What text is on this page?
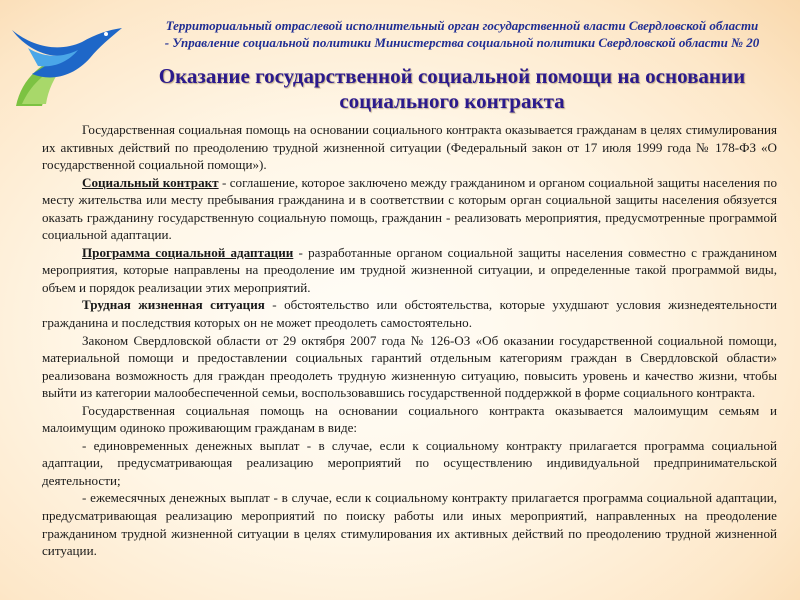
Территориальный отраслевой исполнительный орган государственной власти Свердловской области
- Управление социальной политики Министерства социальной политики Свердловской области № 20
Оказание государственной социальной помощи на основании социального контракта

Государственная социальная помощь на основании социального контракта оказывается гражданам в целях стимулирования их активных действий по преодолению трудной жизненной ситуации (Федеральный закон от 17 июля 1999 года № 178-ФЗ «О государственной социальной помощи»).

Социальный контракт - соглашение, которое заключено между гражданином и органом социальной защиты населения по месту жительства или месту пребывания гражданина и в соответствии с которым орган социальной защиты населения обязуется оказать гражданину государственную социальную помощь, гражданин - реализовать мероприятия, предусмотренные программой социальной адаптации.

Программа социальной адаптации - разработанные органом социальной защиты населения совместно с гражданином мероприятия, которые направлены на преодоление им трудной жизненной ситуации, и определенные такой программой виды, объем и порядок реализации этих мероприятий.

Трудная жизненная ситуация - обстоятельство или обстоятельства, которые ухудшают условия жизнедеятельности гражданина и последствия которых он не может преодолеть самостоятельно.

Законом Свердловской области от 29 октября 2007 года № 126-ОЗ «Об оказании государственной социальной помощи, материальной помощи и предоставлении социальных гарантий отдельным категориям граждан в Свердловской области» реализована возможность для граждан преодолеть трудную жизненную ситуацию, повысить уровень и качество жизни, чтобы выйти из категории малообеспеченной семьи, воспользовавшись государственной поддержкой в форме социального контракта.

Государственная социальная помощь на основании социального контракта оказывается малоимущим семьям и малоимущим одиноко проживающим гражданам в виде:

- единовременных денежных выплат - в случае, если к социальному контракту прилагается программа социальной адаптации, предусматривающая реализацию мероприятий по осуществлению индивидуальной предпринимательской деятельности;

- ежемесячных денежных выплат - в случае, если к социальному контракту прилагается программа социальной адаптации, предусматривающая реализацию мероприятий по поиску работы или иных мероприятий, направленных на преодоление гражданином трудной жизненной ситуации в целях стимулирования их активных действий по преодолению трудной жизненной ситуации.
